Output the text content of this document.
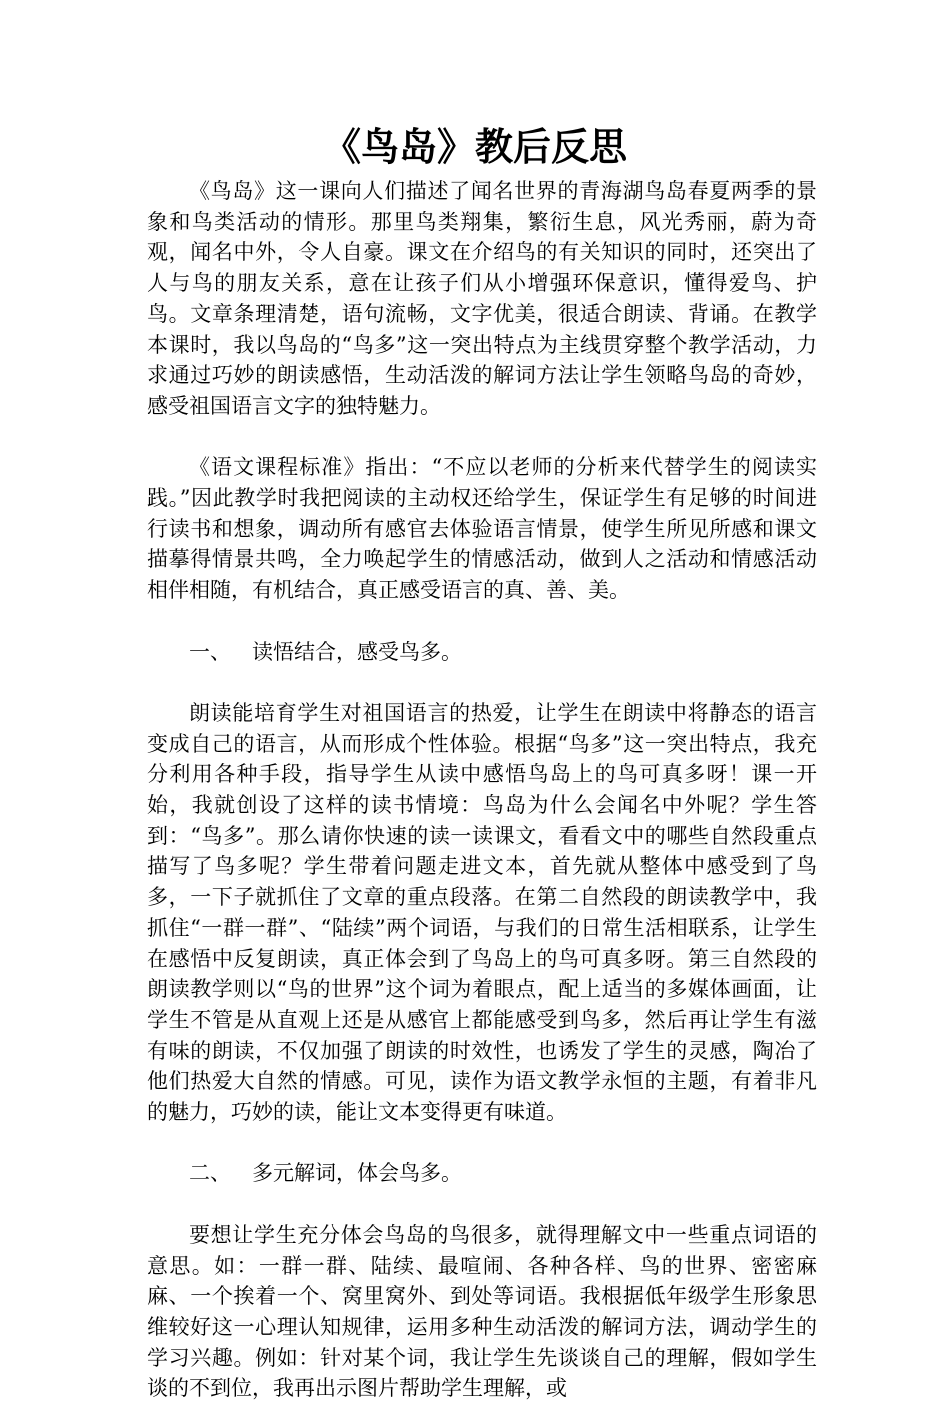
《鸟岛》教后反思

《鸟岛》这一课向人们描述了闻名世界的青海湖鸟岛春夏两季的景象和鸟类活动的情形。那里鸟类翔集，繁衍生息，风光秀丽，蔚为奇观，闻名中外，令人自豪。课文在介绍鸟的有关知识的同时，还突出了人与鸟的朋友关系，意在让孩子们从小增强环保意识，懂得爱鸟、护鸟。文章条理清楚，语句流畅，文字优美，很适合朗读、背诵。在教学本课时，我以鸟岛的“鸟多”这一突出特点为主线贯穿整个教学活动，力求通过巧妙的朗读感悟，生动活泼的解词方法让学生领略鸟岛的奇妙，感受祖国语言文字的独特魅力。

《语文课程标准》指出：“不应以老师的分析来代替学生的阅读实践。”因此教学时我把阅读的主动权还给学生，保证学生有足够的时间进行读书和想象，调动所有感官去体验语言情景，使学生所见所感和课文描摹得情景共鸣，全力唤起学生的情感活动，做到人之活动和情感活动相伴相随，有机结合，真正感受语言的真、善、美。

一、 读悟结合，感受鸟多。

朗读能培育学生对祖国语言的热爱，让学生在朗读中将静态的语言变成自己的语言，从而形成个性体验。根据“鸟多”这一突出特点，我充分利用各种手段，指导学生从读中感悟鸟岛上的鸟可真多呀！课一开始，我就创设了这样的读书情境：鸟岛为什么会闻名中外呢？学生答到：“鸟多”。那么请你快速的读一读课文，看看文中的哪些自然段重点描写了鸟多呢？学生带着问题走进文本，首先就从整体中感受到了鸟多，一下子就抓住了文章的重点段落。在第二自然段的朗读教学中，我抓住“一群一群”、“陆续”两个词语，与我们的日常生活相联系，让学生在感悟中反复朗读，真正体会到了鸟岛上的鸟可真多呀。第三自然段的朗读教学则以“鸟的世界”这个词为着眼点，配上适当的多媒体画面，让学生不管是从直观上还是从感官上都能感受到鸟多，然后再让学生有滋有味的朗读，不仅加强了朗读的时效性，也诱发了学生的灵感，陶冶了他们热爱大自然的情感。可见，读作为语文教学永恒的主题，有着非凡的魅力，巧妙的读，能让文本变得更有味道。

二、 多元解词，体会鸟多。

要想让学生充分体会鸟岛的鸟很多，就得理解文中一些重点词语的意思。如：一群一群、陆续、最喧闹、各种各样、鸟的世界、密密麻麻、一个挨着一个、窝里窝外、到处等词语。我根据低年级学生形象思维较好这一心理认知规律，运用多种生动活泼的解词方法，调动学生的学习兴趣。例如：针对某个词，我让学生先谈谈自己的理解，假如学生谈的不到位，我再出示图片帮助学生理解，或
